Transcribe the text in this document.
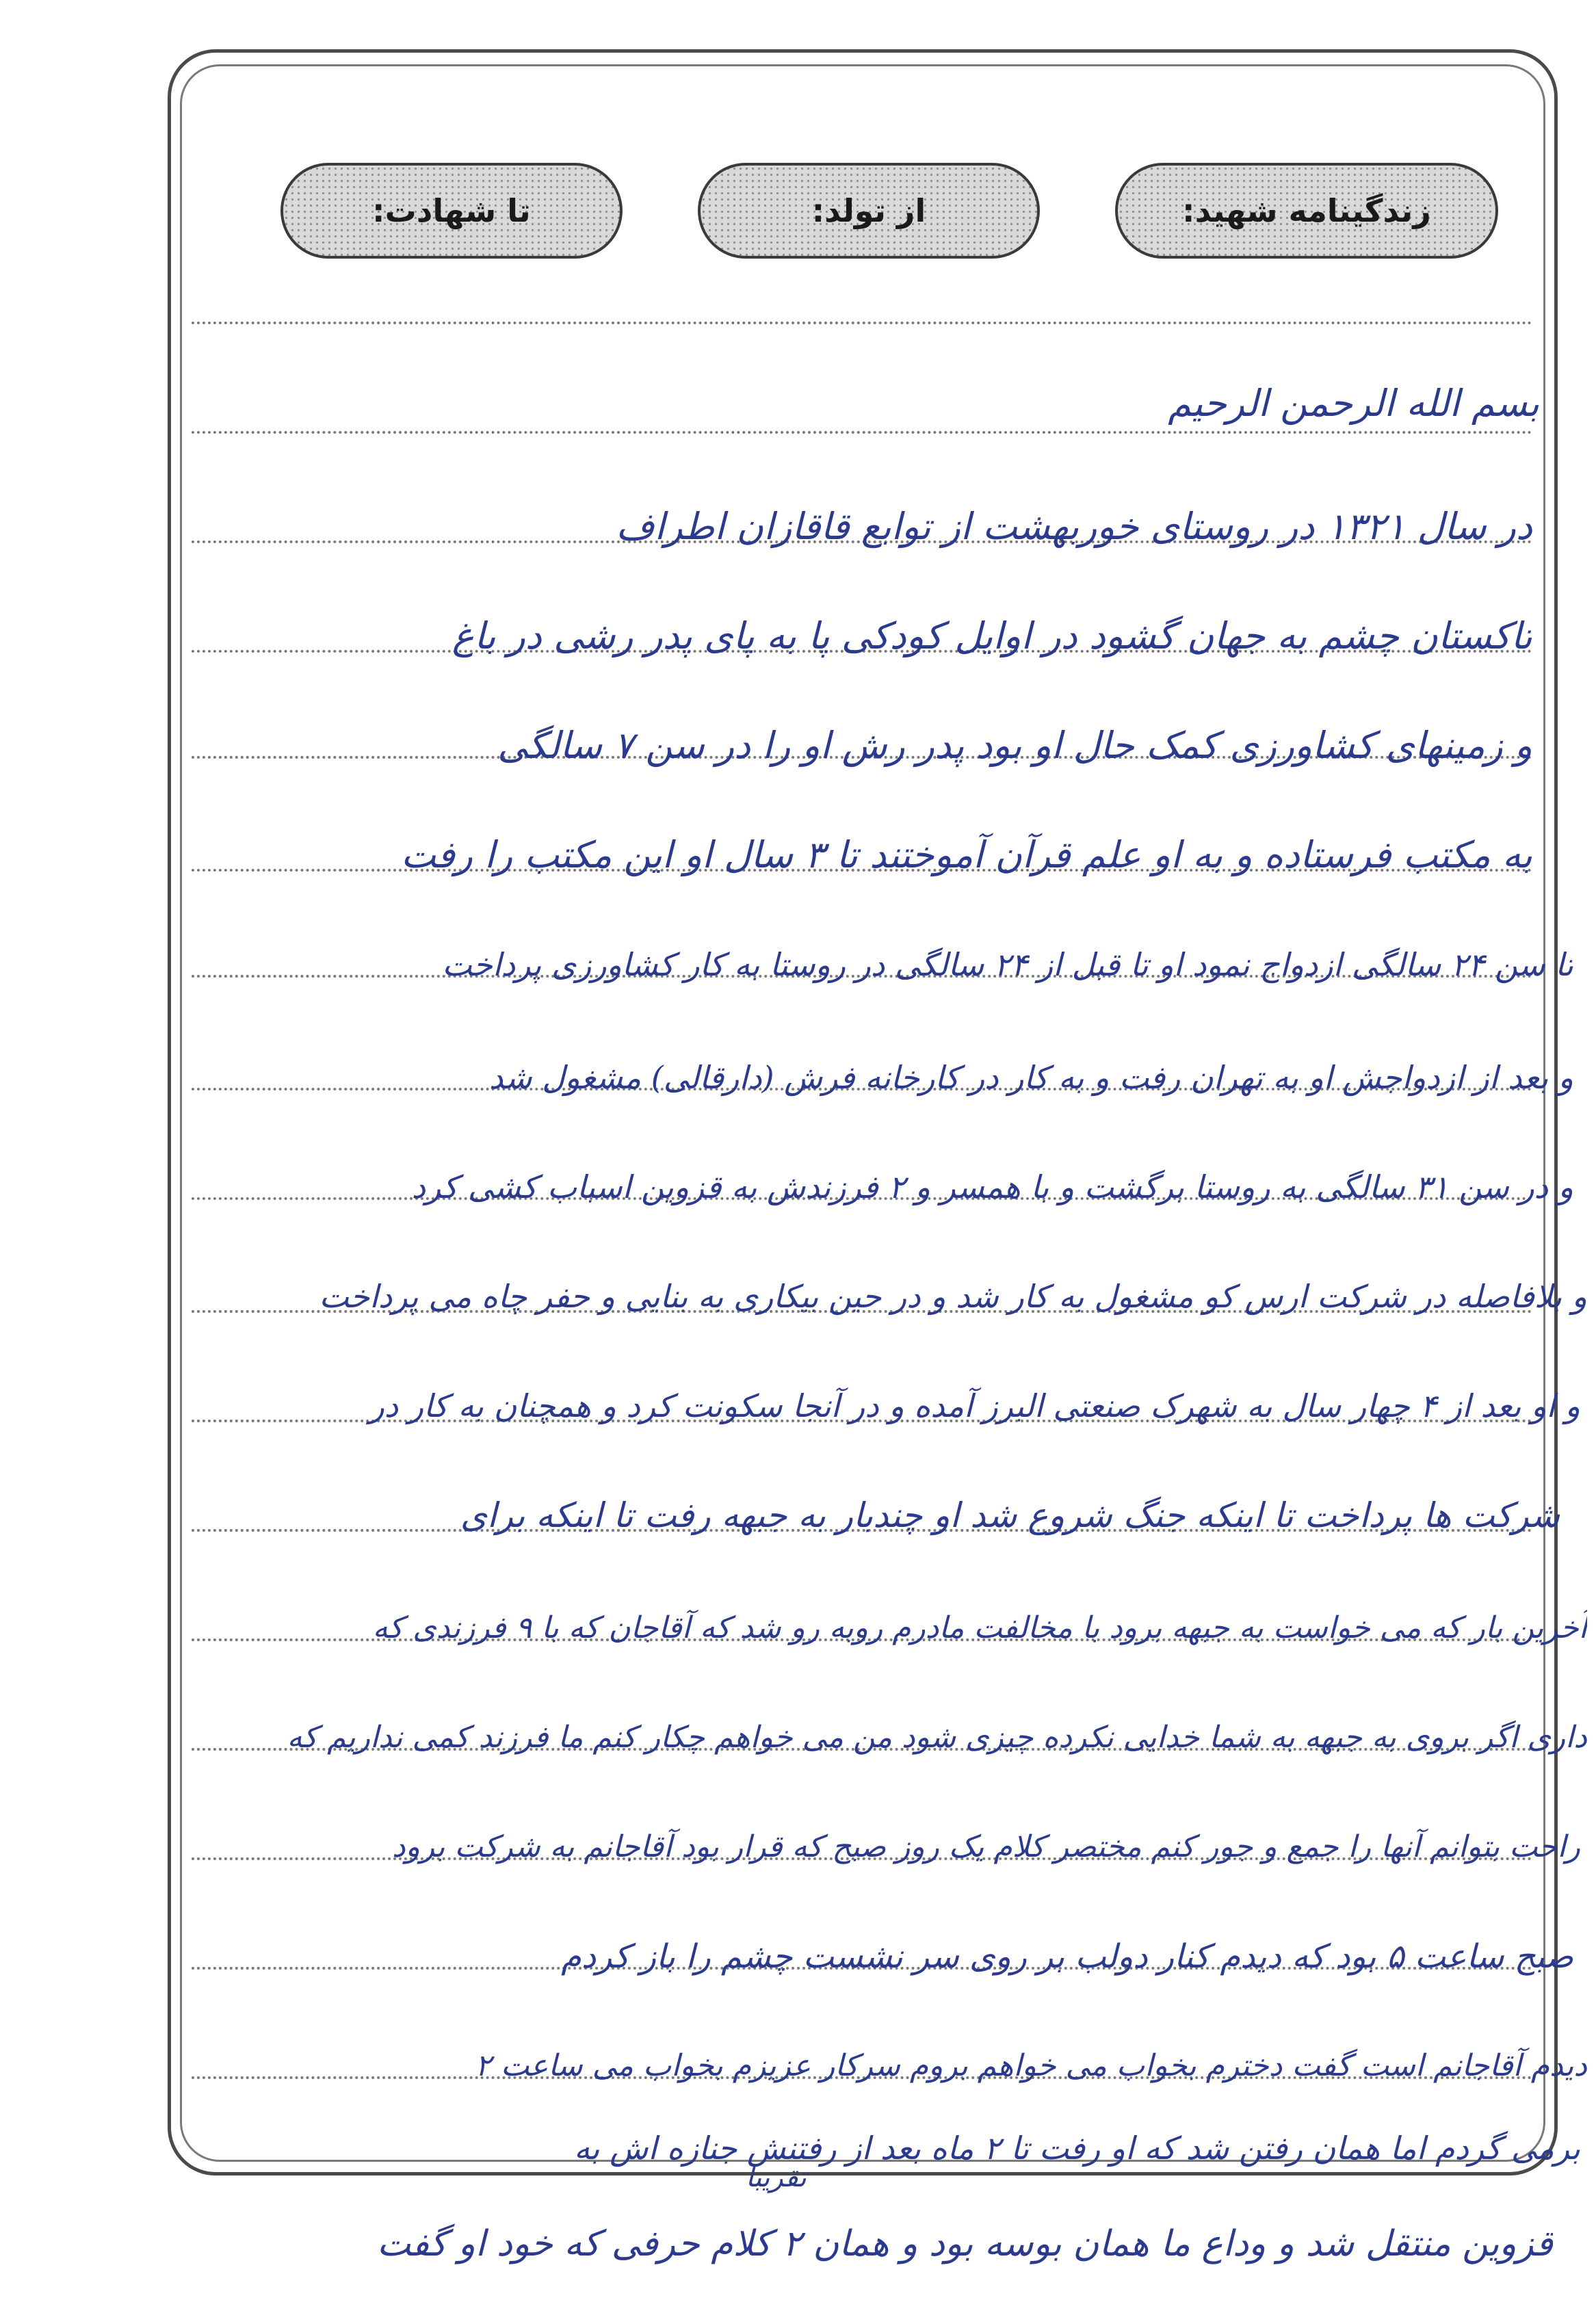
زندگینامه شهید:
از تولد:
تا شهادت:
بسم الله الرحمن الرحیم
در سال ۱۳۲۱ در روستای خوربهشت از توابع قاقازان اطراف
تاکستان چشم به جهان گشود در اوایل کودکی پا به پای پدر رشی در باغ
و زمینهای کشاورزی کمک حال او بود پدر رش او را در سن ۷ سالگی
به مکتب فرستاده و به او علم قرآن آموختند تا ۳ سال او این مکتب را رفت
تا سن ۲۴ سالگی ازدواج نمود او تا قبل از ۲۴ سالگی در روستا به کار کشاورزی پرداخت
و بعد از ازدواجش او به تهران رفت و به کار در کارخانه فرش (دارقالی) مشغول شد
و در سن ۳۱ سالگی به روستا برگشت و با همسر و ۲ فرزندش به قزوین اسباب کشی کرد
و بلافاصله در شرکت ارس کو مشغول به کار شد و در حین بیکاری به بنایی و حفر چاه می پرداخت
و او بعد از ۴ چهار سال به شهرک صنعتی البرز آمده و در آنجا سکونت کرد و همچنان به کار در
شرکت ها پرداخت تا اینکه جنگ شروع شد او چندبار به جبهه رفت تا اینکه برای
آخرین بار که می خواست به جبهه برود با مخالفت مادرم روبه رو شد که آقاجان که با ۹ فرزندی که
داری اگر بروی به جبهه به شما خدایی نکرده چیزی شود من می خواهم چکار کنم ما فرزند کمی نداریم که
راحت بتوانم آنها را جمع و جور کنم مختصر کلام یک روز صبح که قرار بود آقاجانم به شرکت برود
صبح ساعت ۵ بود که دیدم کنار دولب بر روی سر نشست چشم را باز کردم
دیدم آقاجانم است گفت دخترم بخواب می خواهم بروم سرکار عزیزم بخواب می ساعت ۲
برمی گردم اما همان رفتن شد که او رفت تا ۲ ماه بعد از رفتنش جنازه اش به
قزوین منتقل شد و وداع ما همان بوسه بود و همان ۲ کلام حرفی که خود او گفت
تقریبا
